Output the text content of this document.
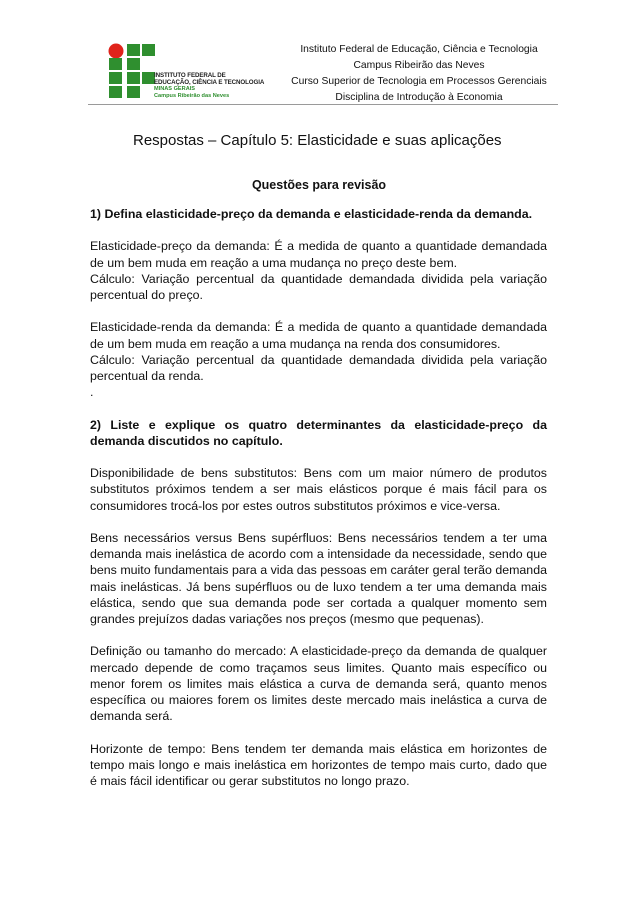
INSTITUTO FEDERAL DE
EDUCAÇÃO, CIÊNCIA E TECNOLOGIA
MINAS GERAIS
Campus Ribeirão das Neves
Instituto Federal de Educação, Ciência e Tecnologia
Campus Ribeirão das Neves
Curso Superior de Tecnologia em Processos Gerenciais
Disciplina de Introdução à Economia
Respostas – Capítulo 5: Elasticidade e suas aplicações
Questões para revisão

1) Defina elasticidade-preço da demanda e elasticidade-renda da demanda.

Elasticidade-preço da demanda: É a medida de quanto a quantidade demandada de um bem muda em reação a uma mudança no preço deste bem.

Cálculo: Variação percentual da quantidade demandada dividida pela variação percentual do preço.

Elasticidade-renda da demanda: É a medida de quanto a quantidade demandada de um bem muda em reação a uma mudança na renda dos consumidores.

Cálculo: Variação percentual da quantidade demandada dividida pela variação percentual da renda.

.

2) Liste e explique os quatro determinantes da elasticidade-preço da demanda discutidos no capítulo.

Disponibilidade de bens substitutos: Bens com um maior número de produtos substitutos próximos tendem a ser mais elásticos porque é mais fácil para os consumidores trocá-los por estes outros substitutos próximos e vice-versa.

Bens necessários versus Bens supérfluos: Bens necessários tendem a ter uma demanda mais inelástica de acordo com a intensidade da necessidade, sendo que bens muito fundamentais para a vida das pessoas em caráter geral terão demanda mais inelásticas. Já bens supérfluos ou de luxo tendem a ter uma demanda mais elástica, sendo que sua demanda pode ser cortada a qualquer momento sem grandes prejuízos dadas variações nos preços (mesmo que pequenas).

Definição ou tamanho do mercado: A elasticidade-preço da demanda de qualquer mercado depende de como traçamos seus limites. Quanto mais específico ou menor forem os limites mais elástica a curva de demanda será, quanto menos específica ou maiores forem os limites deste mercado mais inelástica a curva de demanda será.

Horizonte de tempo: Bens tendem ter demanda mais elástica em horizontes de tempo mais longo e mais inelástica em horizontes de tempo mais curto, dado que é mais fácil identificar ou gerar substitutos no longo prazo.
